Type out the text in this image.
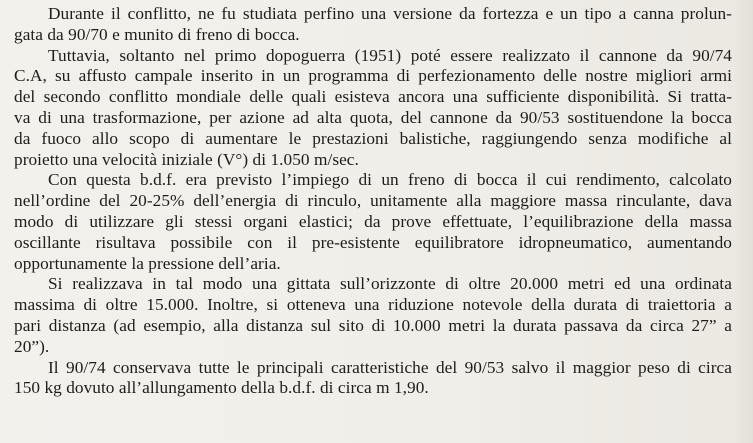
Durante il conflitto, ne fu studiata perfino una versione da fortezza e un tipo a canna prolun-
gata da 90/70 e munito di freno di bocca.

Tuttavia, soltanto nel primo dopoguerra (1951) poté essere realizzato il cannone da 90/74
C.A, su affusto campale inserito in un programma di perfezionamento delle nostre migliori armi
del secondo conflitto mondiale delle quali esisteva ancora una sufficiente disponibilità. Si tratta-
va di una trasformazione, per azione ad alta quota, del cannone da 90/53 sostituendone la bocca
da fuoco allo scopo di aumentare le prestazioni balistiche, raggiungendo senza modifiche al
proietto una velocità iniziale (V°) di 1.050 m/sec.

Con questa b.d.f. era previsto l’impiego di un freno di bocca il cui rendimento, calcolato
nell’ordine del 20-25% dell’energia di rinculo, unitamente alla maggiore massa rinculante, dava
modo di utilizzare gli stessi organi elastici; da prove effettuate, l’equilibrazione della massa
oscillante risultava possibile con il pre-esistente equilibratore idropneumatico, aumentando
opportunamente la pressione dell’aria.

Si realizzava in tal modo una gittata sull’orizzonte di oltre 20.000 metri ed una ordinata
massima di oltre 15.000. Inoltre, si otteneva una riduzione notevole della durata di traiettoria a
pari distanza (ad esempio, alla distanza sul sito di 10.000 metri la durata passava da circa 27” a
20”).

Il 90/74 conservava tutte le principali caratteristiche del 90/53 salvo il maggior peso di circa
150 kg dovuto all’allungamento della b.d.f. di circa m 1,90.
